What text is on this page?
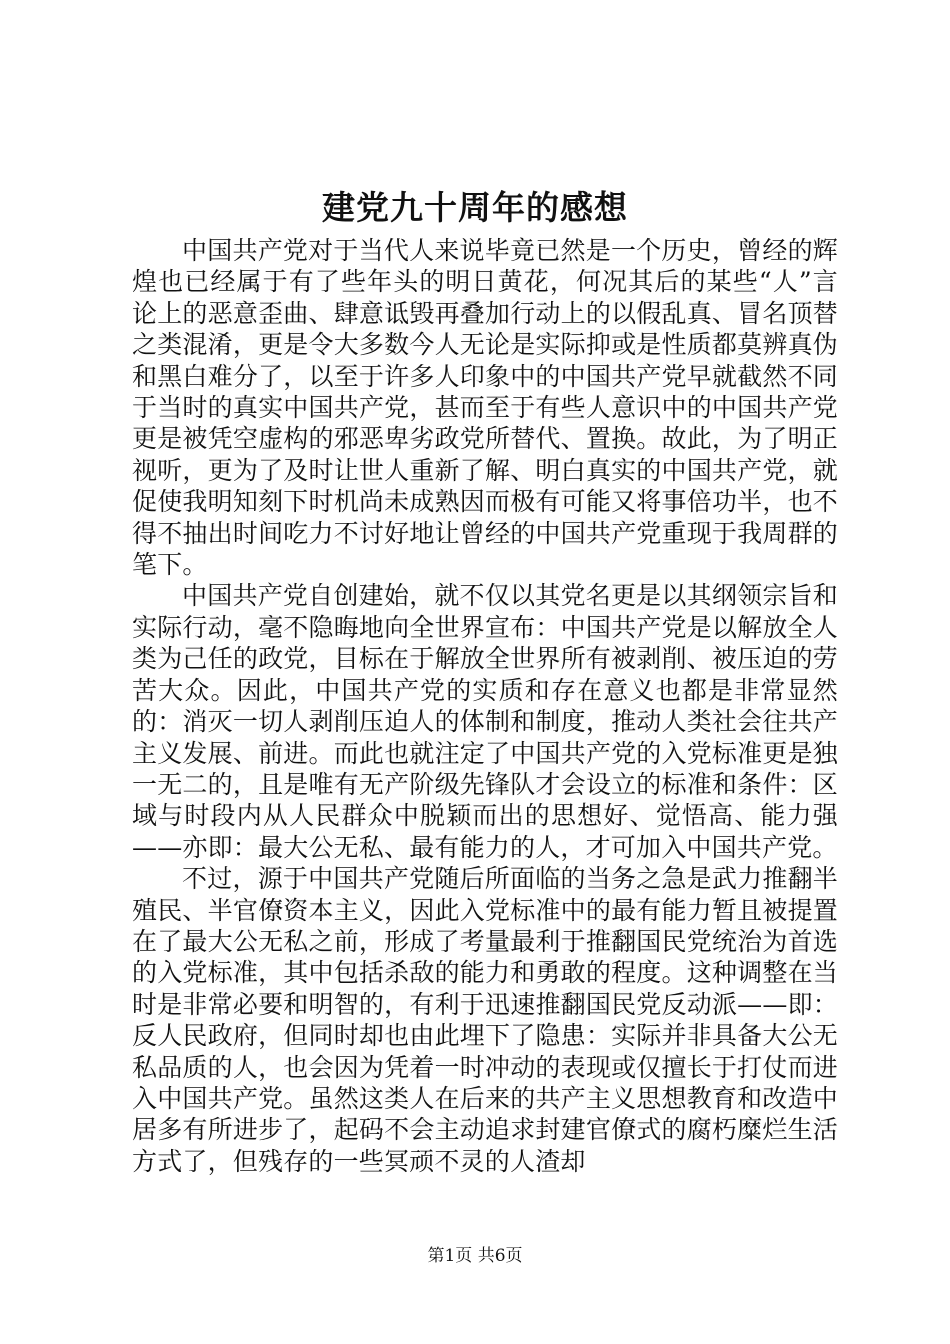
建党九十周年的感想

中国共产党对于当代人来说毕竟已然是一个历史，曾经的辉煌也已经属于有了些年头的明日黄花，何况其后的某些“人”言论上的恶意歪曲、肆意诋毁再叠加行动上的以假乱真、冒名顶替之类混淆，更是令大多数今人无论是实际抑或是性质都莫辨真伪和黑白难分了，以至于许多人印象中的中国共产党早就截然不同于当时的真实中国共产党，甚而至于有些人意识中的中国共产党更是被凭空虚构的邪恶卑劣政党所替代、置换。故此，为了明正视听，更为了及时让世人重新了解、明白真实的中国共产党，就促使我明知刻下时机尚未成熟因而极有可能又将事倍功半，也不得不抽出时间吃力不讨好地让曾经的中国共产党重现于我周群的笔下。

中国共产党自创建始，就不仅以其党名更是以其纲领宗旨和实际行动，毫不隐晦地向全世界宣布：中国共产党是以解放全人类为己任的政党，目标在于解放全世界所有被剥削、被压迫的劳苦大众。因此，中国共产党的实质和存在意义也都是非常显然的：消灭一切人剥削压迫人的体制和制度，推动人类社会往共产主义发展、前进。而此也就注定了中国共产党的入党标准更是独一无二的，且是唯有无产阶级先锋队才会设立的标准和条件：区域与时段内从人民群众中脱颖而出的思想好、觉悟高、能力强——亦即：最大公无私、最有能力的人，才可加入中国共产党。

不过，源于中国共产党随后所面临的当务之急是武力推翻半殖民、半官僚资本主义，因此入党标准中的最有能力暂且被提置在了最大公无私之前，形成了考量最利于推翻国民党统治为首选的入党标准，其中包括杀敌的能力和勇敢的程度。这种调整在当时是非常必要和明智的，有利于迅速推翻国民党反动派——即：反人民政府，但同时却也由此埋下了隐患：实际并非具备大公无私品质的人，也会因为凭着一时冲动的表现或仅擅长于打仗而进入中国共产党。虽然这类人在后来的共产主义思想教育和改造中居多有所进步了，起码不会主动追求封建官僚式的腐朽糜烂生活方式了，但残存的一些冥顽不灵的人渣却

第1页 共6页
